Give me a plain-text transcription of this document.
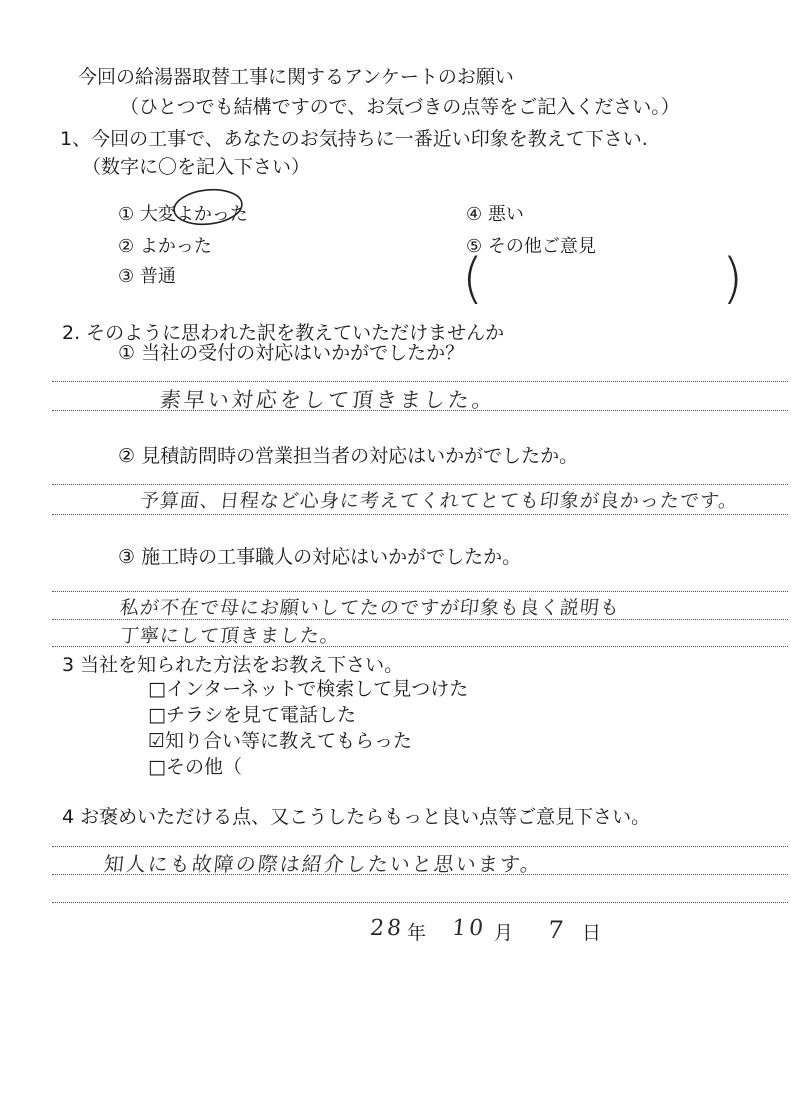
今回の給湯器取替工事に関するアンケートのお願い
（ひとつでも結構ですので、お気づきの点等をご記入ください。）
1、今回の工事で、あなたのお気持ちに一番近い印象を教えて下さい.
（数字に〇を記入下さい）
① 大変よかった
② よかった
③ 普通
④ 悪い
⑤ その他ご意見
(	)
2. そのように思われた訳を教えていただけませんか
① 当社の受付の対応はいかがでしたか？
素早い対応をして頂きました。
② 見積訪問時の営業担当者の対応はいかがでしたか。
予算面、日程など心身に考えてくれてとても印象が良かったです。
③ 施工時の工事職人の対応はいかがでしたか。
私が不在で母にお願いしてたのですが印象も良く説明も
丁寧にして頂きました。
3 当社を知られた方法をお教え下さい。
□インターネットで検索して見つけた
□チラシを見て電話した
☑知り合い等に教えてもらった
□その他（
4 お褒めいただける点、又こうしたらもっと良い点等ご意見下さい。
知人にも故障の際は紹介したいと思います。
28 年 10 月 7 日
